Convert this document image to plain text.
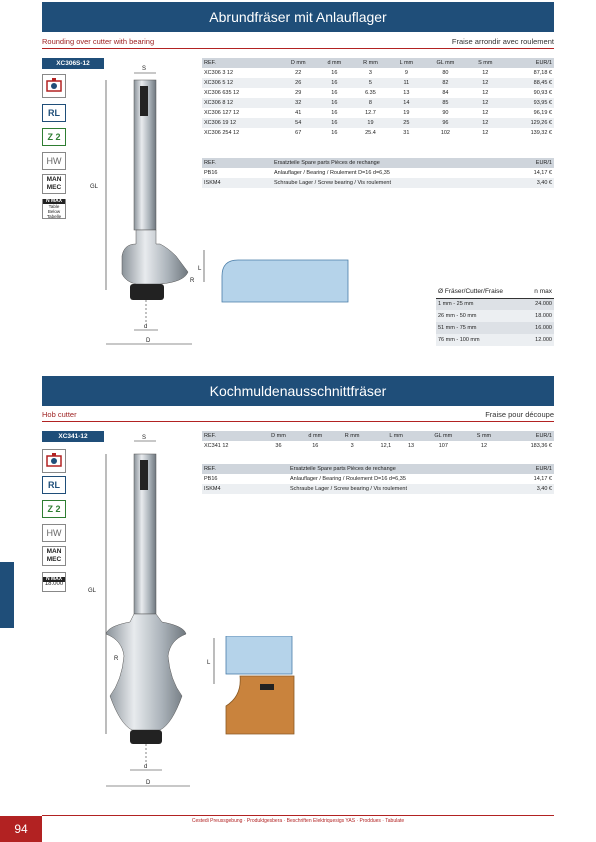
Abrundfräser mit Anlauflager
Rounding over cutter with bearing	Fraise arrondir avec roulement
XC306S-12
RL
Z 2
HW
MAN
MEC
N MAX
Table Below
Tabelle
S
GL
L
R
d
D
REF.	D mm	d mm	R mm	L mm	GL mm	S mm	EUR/1
XC306 3 12	22	16	3	9	80	12	87,18 €
XC306 5 12	26	16	5	11	82	12	88,45 €
XC306 635 12	29	16	6.35	13	84	12	90,93 €
XC306 8 12	32	16	8	14	85	12	93,95 €
XC306 127 12	41	16	12.7	19	90	12	96,19 €
XC306 19 12	54	16	19	25	96	12	129,26 €
XC306 254 12	67	16	25.4	31	102	12	139,32 €
REF.	Ersatzteile Spare parts Pièces de rechange	EUR/1
PB16	Anlauflager / Bearing / Roulement D=16 d=6,35	14,17 €
ISKM4	Schraube Lager / Screw bearing / Vis roulement	3,40 €
Ø Fräser/Cutter/Fraise	n max
1 mm - 25 mm	24.000
26 mm - 50 mm	18.000
51 mm - 75 mm	16.000
76 mm - 100 mm	12.000
Kochmuldenausschnittfräser
Hob cutter	Fraise pour découpe
XC341-12
RL
Z 2
HW
MAN
MEC
N MAX
18.000
S
GL
L
R
d
D
REF.	D mm	d mm	R mm	L mm		GL mm	S mm	EUR/1
XC341 12	36	16	3	12,1	13	107	12	183,36 €
REF.	Ersatzteile Spare parts Pièces de rechange	EUR/1
PB16	Anlauflager / Bearing / Roulement D=16 d=6,35	14,17 €
ISKM4	Schraube Lager / Screw bearing / Vis roulement	3,40 €
94
Cestedi Preussgebung · Produktgesbera · Beschriften Elektriquesigs YAS · Proddues · Tabulate
